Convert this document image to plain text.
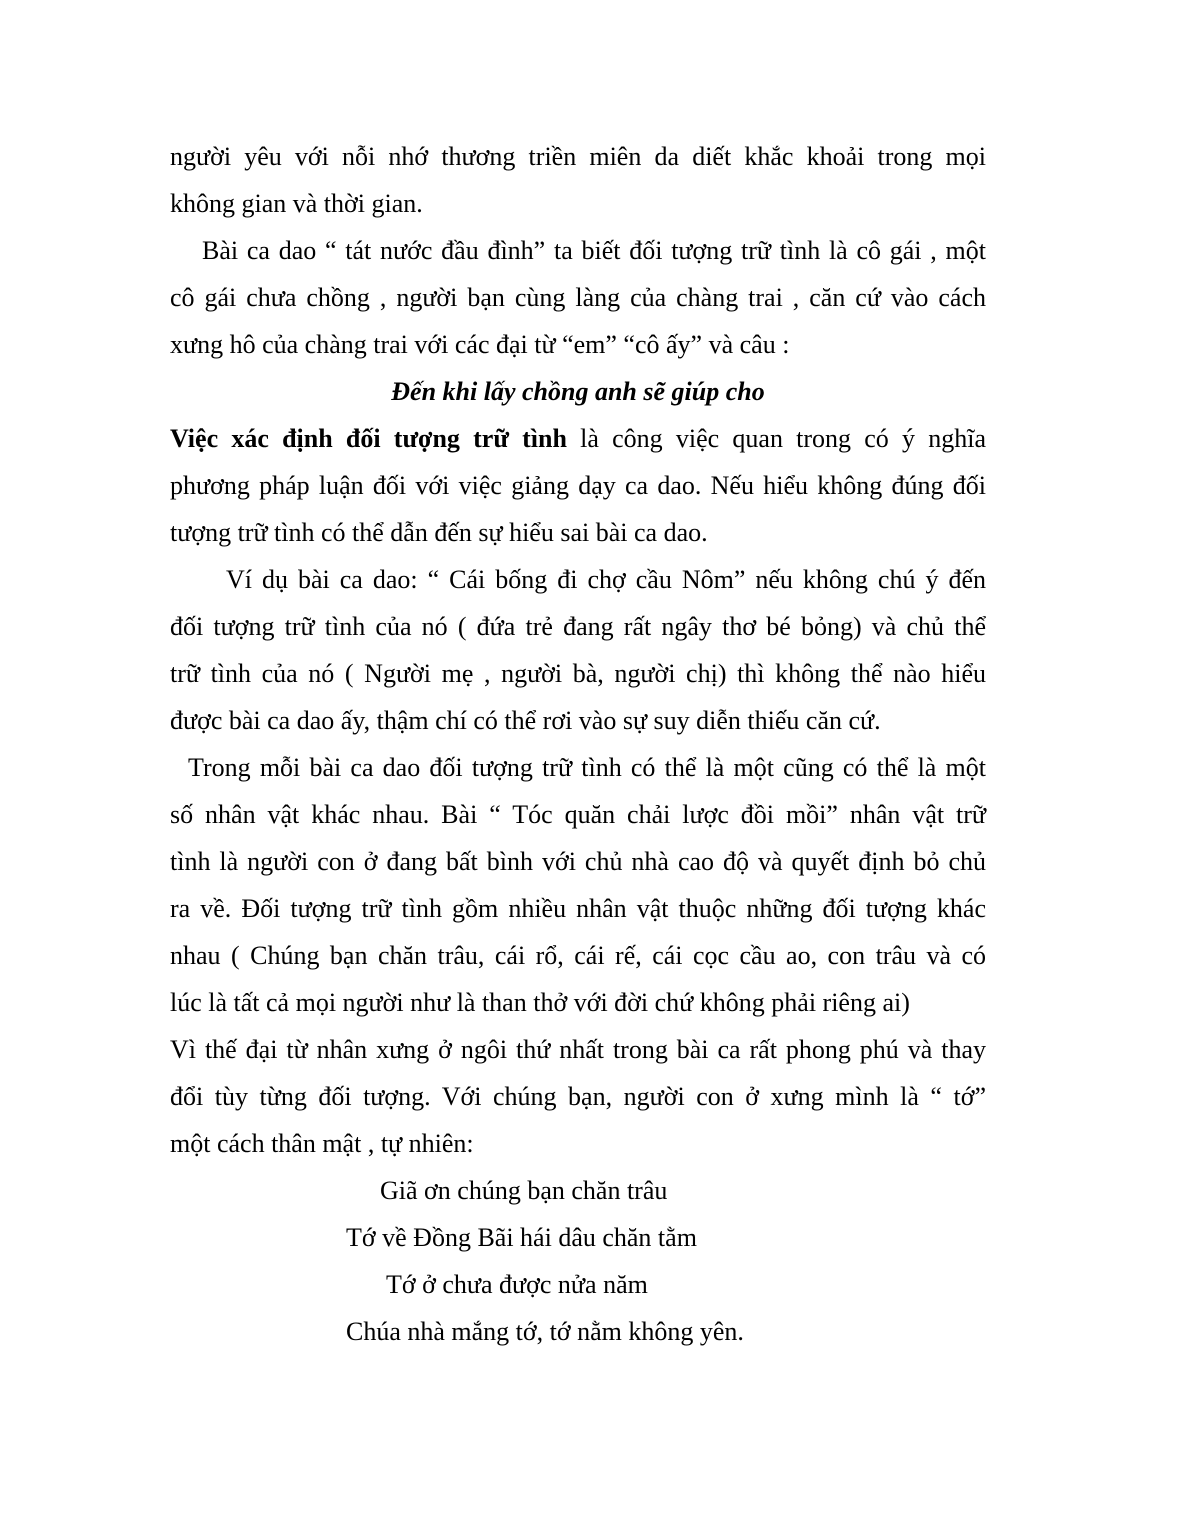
người yêu với nỗi nhớ thương triền miên da diết khắc khoải trong mọi
không gian và thời gian.
Bài ca dao “ tát nước đầu đình” ta biết đối tượng trữ tình là cô gái , một
cô gái chưa chồng , người bạn cùng làng của chàng trai , căn cứ vào cách
xưng hô của chàng trai với các đại từ “em” “cô ấy” và câu :
Đến khi lấy chồng anh sẽ giúp cho
Việc xác định đối tượng trữ tình là công việc quan trong có ý nghĩa
phương pháp luận đối với việc giảng dạy ca dao. Nếu hiểu không đúng đối
tượng trữ tình có thể dẫn đến sự hiểu sai bài ca dao.
Ví dụ bài ca dao: “ Cái bống đi chợ cầu Nôm” nếu không chú ý đến
đối tượng trữ tình của nó ( đứa trẻ đang rất ngây thơ bé bỏng) và chủ thể
trữ tình của nó ( Người mẹ , người bà, người chị) thì không thể nào hiểu
được bài ca dao ấy, thậm chí có thể rơi vào sự suy diễn thiếu căn cứ.
Trong mỗi bài ca dao đối tượng trữ tình có thể là một cũng có thể là một
số nhân vật khác nhau. Bài “ Tóc quăn chải lược đồi mồi” nhân vật trữ
tình là người con ở đang bất bình với chủ nhà cao độ và quyết định bỏ chủ
ra về. Đối tượng trữ tình gồm nhiều nhân vật thuộc những đối tượng khác
nhau ( Chúng bạn chăn trâu, cái rổ, cái rế, cái cọc cầu ao, con trâu và có
lúc là tất cả mọi người như là than thở với đời chứ không phải riêng ai)
Vì thế đại từ nhân xưng ở ngôi thứ nhất trong bài ca rất phong phú và thay
đổi tùy từng đối tượng. Với chúng bạn, người con ở xưng mình là “ tớ”
một cách thân mật , tự nhiên:
Giã ơn chúng bạn chăn trâu
Tớ về Đồng Bãi hái dâu chăn tằm
Tớ ở chưa được nửa năm
Chúa nhà mắng tớ, tớ nằm không yên.
